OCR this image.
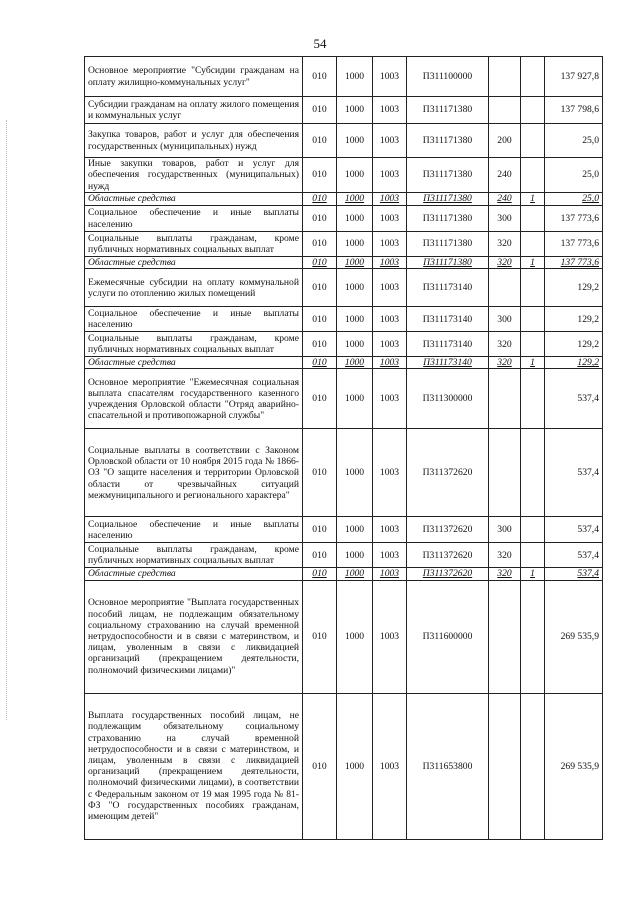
54
Основное мероприятие "Субсидии гражданам на оплату жилищно-коммунальных услуг"	010	1000	1003	П311100000			137 927,8
Субсидии гражданам на оплату жилого помещения и коммунальных услуг	010	1000	1003	П311171380			137 798,6
Закупка товаров, работ и услуг для обеспечения государственных (муниципальных) нужд	010	1000	1003	П311171380	200		25,0
Иные закупки товаров, работ и услуг для обеспечения государственных (муниципальных) нужд	010	1000	1003	П311171380	240		25,0
Областные средства	010	1000	1003	П311171380	240	1	25,0
Социальное обеспечение и иные выплаты населению	010	1000	1003	П311171380	300		137 773,6
Социальные выплаты гражданам, кроме публичных нормативных социальных выплат	010	1000	1003	П311171380	320		137 773,6
Областные средства	010	1000	1003	П311171380	320	1	137 773,6
Ежемесячные субсидии на оплату коммунальной услуги по отоплению жилых помещений	010	1000	1003	П311173140			129,2
Социальное обеспечение и иные выплаты населению	010	1000	1003	П311173140	300		129,2
Социальные выплаты гражданам, кроме публичных нормативных социальных выплат	010	1000	1003	П311173140	320		129,2
Областные средства	010	1000	1003	П311173140	320	1	129,2
Основное мероприятие "Ежемесячная социальная выплата спасателям государственного казенного учреждения Орловской области "Отряд аварийно-спасательной и противопожарной службы"	010	1000	1003	П311300000			537,4
Социальные выплаты в соответствии с Законом Орловской области от 10 ноября 2015 года № 1866-ОЗ "О защите населения и территории Орловской области от чрезвычайных ситуаций межмуниципального и регионального характера"	010	1000	1003	П311372620			537,4
Социальное обеспечение и иные выплаты населению	010	1000	1003	П311372620	300		537,4
Социальные выплаты гражданам, кроме публичных нормативных социальных выплат	010	1000	1003	П311372620	320		537,4
Областные средства	010	1000	1003	П311372620	320	1	537,4
Основное мероприятие "Выплата государственных пособий лицам, не подлежащим обязательному социальному страхованию на случай временной нетрудоспособности и в связи с материнством, и лицам, уволенным в связи с ликвидацией организаций (прекращением деятельности, полномочий физическими лицами)"	010	1000	1003	П311600000			269 535,9
Выплата государственных пособий лицам, не подлежащим обязательному социальному страхованию на случай временной нетрудоспособности и в связи с материнством, и лицам, уволенным в связи с ликвидацией организаций (прекращением деятельности, полномочий физическими лицами), в соответствии с Федеральным законом от 19 мая 1995 года № 81-ФЗ "О государственных пособиях гражданам, имеющим детей"	010	1000	1003	П311653800			269 535,9
